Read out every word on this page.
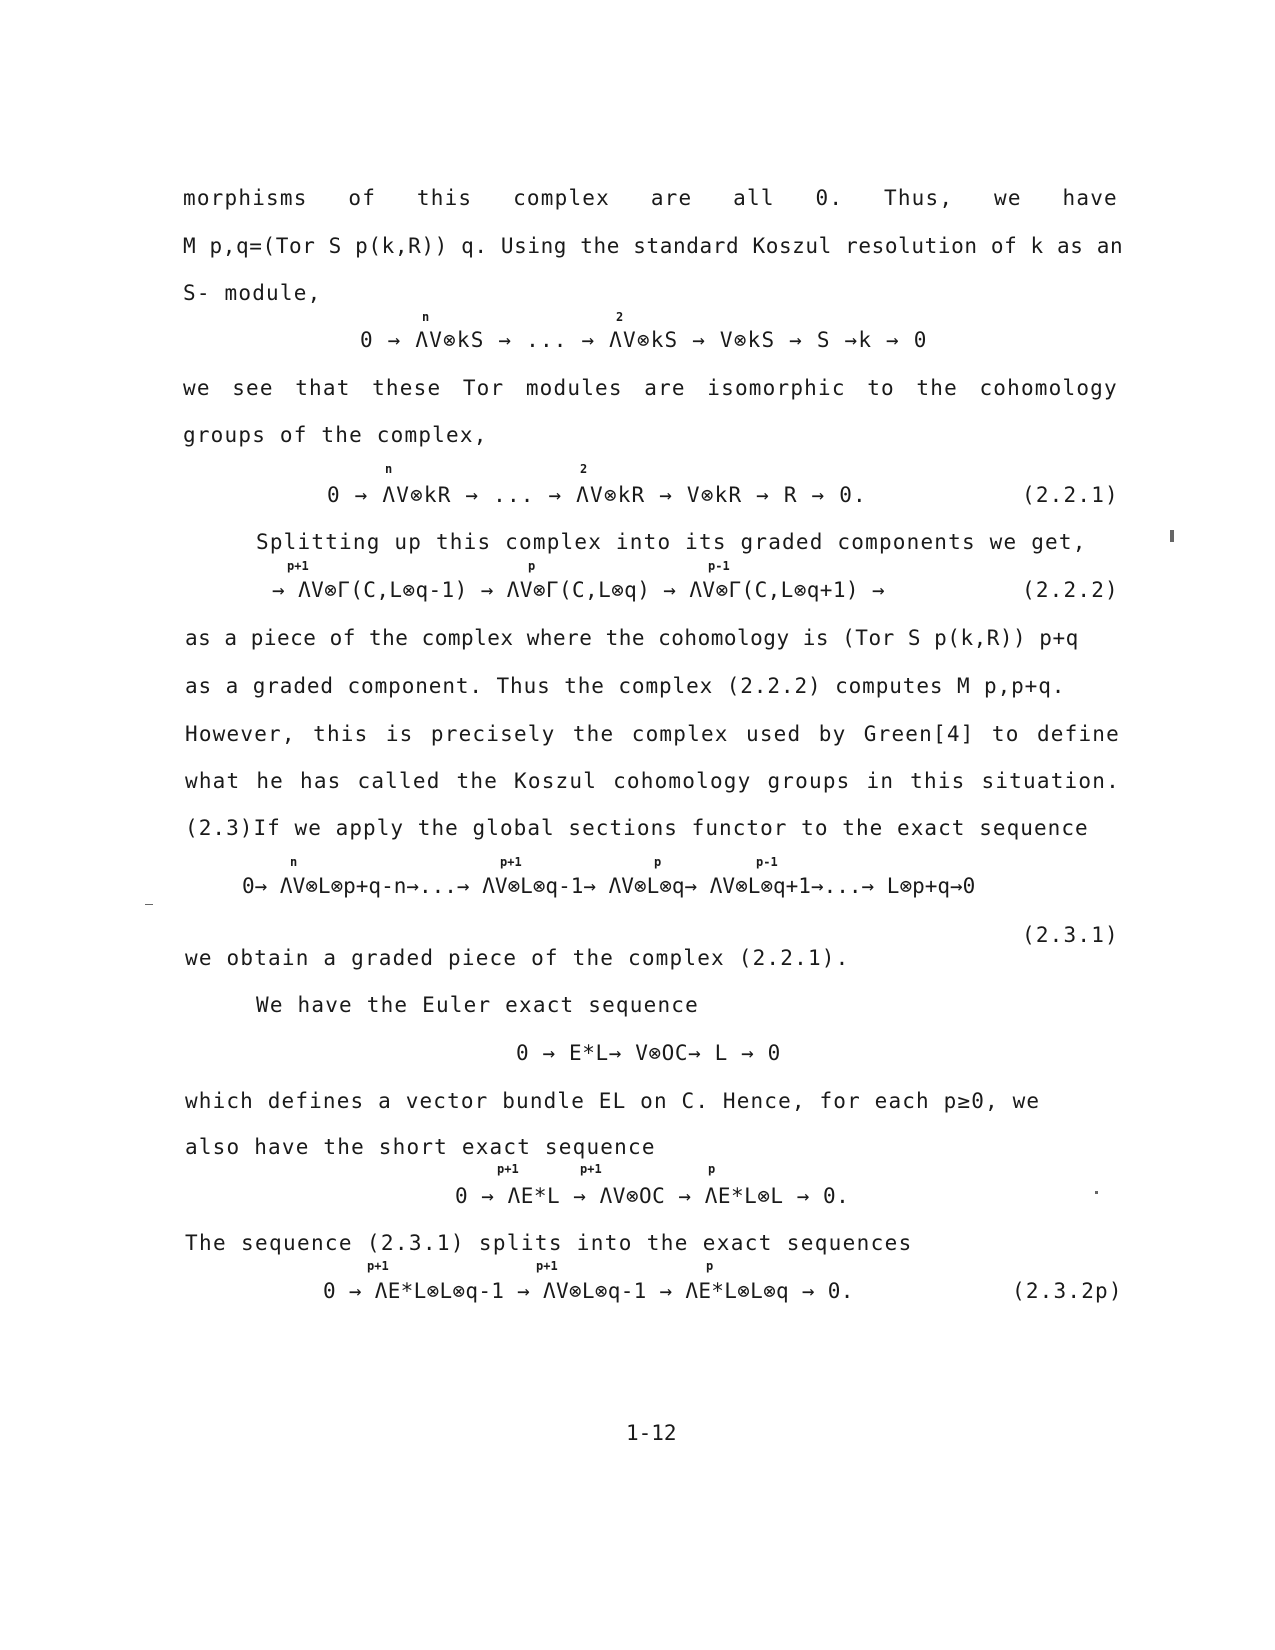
morphisms of this complex are all 0. Thus, we have
M p,q=(Tor S p(k,R)) q. Using the standard Koszul resolution of k as an
S- module,
n	2
0 → ΛV⊗kS → ... → ΛV⊗kS → V⊗kS → S →k → 0
we see that these Tor modules are isomorphic to the cohomology
groups of the complex,
n	2
0 → ΛV⊗kR → ... → ΛV⊗kR → V⊗kR → R → 0.	(2.2.1)
Splitting up this complex into its graded components we get,
p+1	p	p-1
→ ΛV⊗Γ(C,L⊗q-1) → ΛV⊗Γ(C,L⊗q) → ΛV⊗Γ(C,L⊗q+1) →	(2.2.2)
as a piece of the complex where the cohomology is (Tor S p(k,R)) p+q
as a graded component. Thus the complex (2.2.2) computes M p,p+q.
However, this is precisely the complex used by Green[4] to define
what he has called the Koszul cohomology groups in this situation.
(2.3)If we apply the global sections functor to the exact sequence
n	p+1	p	p-1
0→ ΛV⊗L⊗p+q-n→...→ ΛV⊗L⊗q-1→ ΛV⊗L⊗q→ ΛV⊗L⊗q+1→...→ L⊗p+q→0
(2.3.1)
we obtain a graded piece of the complex (2.2.1).
We have the Euler exact sequence
0 → E*L→ V⊗OC→ L → 0
which defines a vector bundle EL on C. Hence, for each p≥0, we
also have the short exact sequence
p+1	p+1	p
0 → ΛE*L → ΛV⊗OC → ΛE*L⊗L → 0.
The sequence (2.3.1) splits into the exact sequences
p+1	p+1	p
0 → ΛE*L⊗L⊗q-1 → ΛV⊗L⊗q-1 → ΛE*L⊗L⊗q → 0.	(2.3.2p)
1-12
